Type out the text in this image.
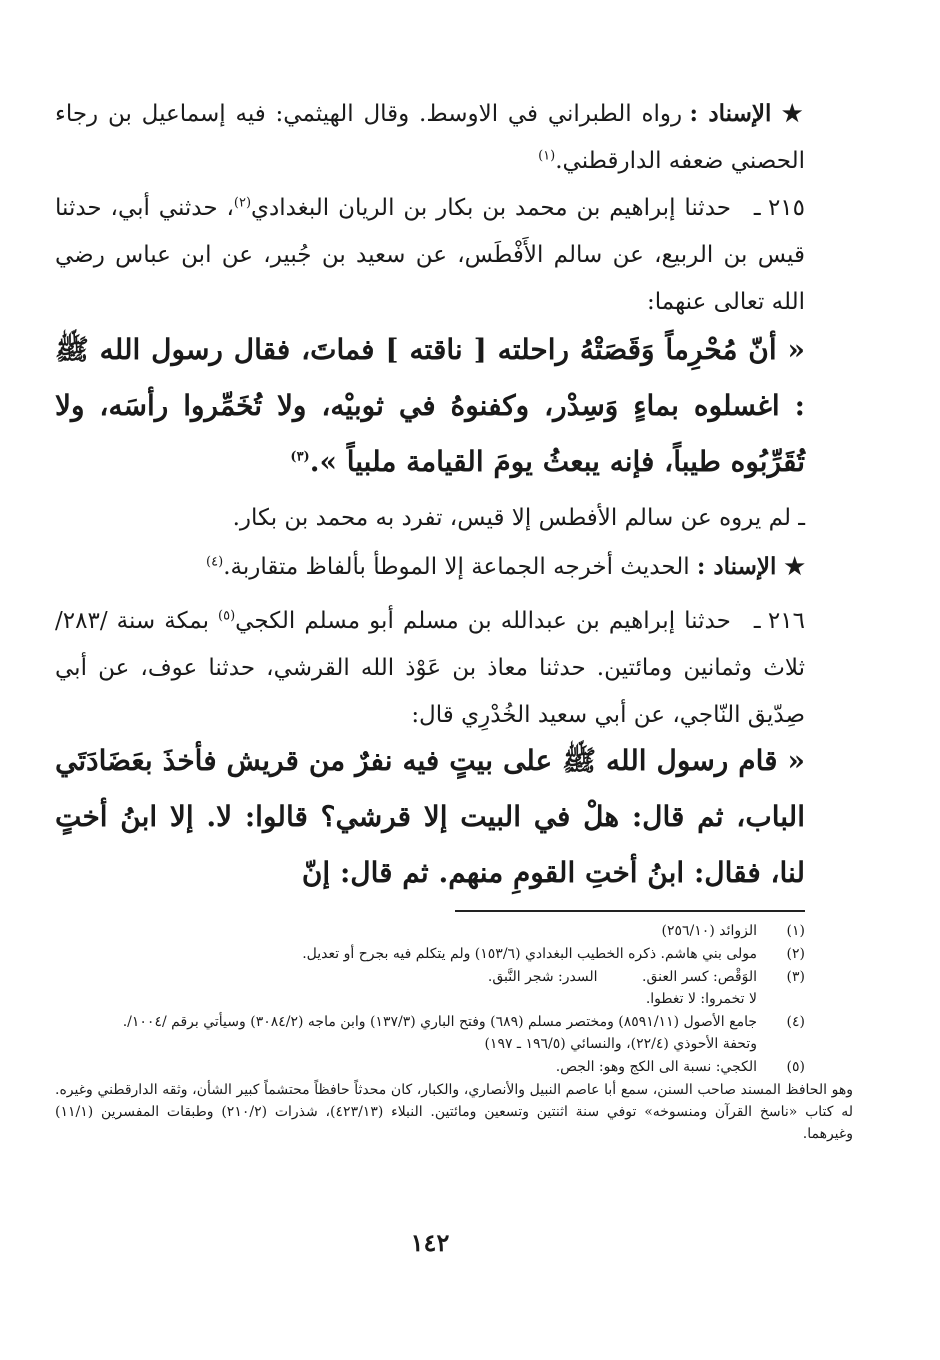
★ الإسناد : رواه الطبراني في الاوسط. وقال الهيثمي: فيه إسماعيل بن رجاء الحصني ضعفه الدارقطني.$^{(١)}$
٢١٥ ـ حدثنا إبراهيم بن محمد بن بكار بن الريان البغدادي$^{(٢)}$، حدثني أبي، حدثنا قيس بن الربيع، عن سالم الأَفْطَس، عن سعيد بن جُبير، عن ابن عباس رضي الله تعالى عنهما:
« أنّ مُحْرِماً وَقَصَتْهُ راحلته [ ناقته ] فماتَ، فقال رسول الله ﷺ : اغسلوه بماءٍ وَسِدْر، وكفنوهُ في ثوبيْه، ولا تُخَمِّروا رأسَه، ولا تُقَرِّبُوه طيباً، فإنه يبعثُ يومَ القيامة ملبياً ».$^{(٣)}$
ـ لم يروه عن سالم الأفطس إلا قيس، تفرد به محمد بن بكار.
★ الإسناد : الحديث أخرجه الجماعة إلا الموطأ بألفاظ متقاربة.$^{(٤)}$
٢١٦ ـ حدثنا إبراهيم بن عبدالله بن مسلم أبو مسلم الكجي$^{(٥)}$ بمكة سنة /٢٨٣/ ثلاث وثمانين ومائتين. حدثنا معاذ بن عَوْذ الله القرشي، حدثنا عوف، عن أبي صِدّيق النّاجي، عن أبي سعيد الخُدْرِي قال:
« قام رسول الله ﷺ على بيتٍ فيه نفرٌ من قريش فأخذَ بعَضَادَتَي الباب، ثم قال: هلْ في البيت إلا قرشي؟ قالوا: لا. إلا ابنُ أختٍ لنا، فقال: ابنُ أختِ القومِ منهم. ثم قال: إنّ
(١)
الزوائد (٢٥٦/١٠)
(٢)
مولى بني هاشم. ذكره الخطيب البغدادي (١٥٣/٦) ولم يتكلم فيه بجرح أو تعديل.
(٣)
الوَقْص: كسر العنق.          السدر: شجر النَّبق.
لا تخمروا: لا تغطوا.
(٤)
جامع الأصول (٨٥٩١/١١) ومختصر مسلم (٦٨٩) وفتح الباري (١٣٧/٣) وابن ماجه (٣٠٨٤/٢) وسيأتي برقم /١٠٠٤/.
وتحفة الأحوذي (٢٢/٤)، والنسائي (١٩٦/٥ ـ ١٩٧)
(٥)
الكجي: نسبة الى الكج وهو: الجص.
وهو الحافظ المسند صاحب السنن، سمع أبا عاصم النبيل والأنصاري، والكبار، كان محدثاً حافظاً محتشماً كبير الشأن، وثقه الدارقطني وغيره. له كتاب «ناسخ القرآن ومنسوخه» توفي سنة اثنتين وتسعين ومائتين. النبلاء (٤٢٣/١٣)، شذرات (٢١٠/٢) وطبقات المفسرين (١١/١) وغيرهما.
١٤٢
